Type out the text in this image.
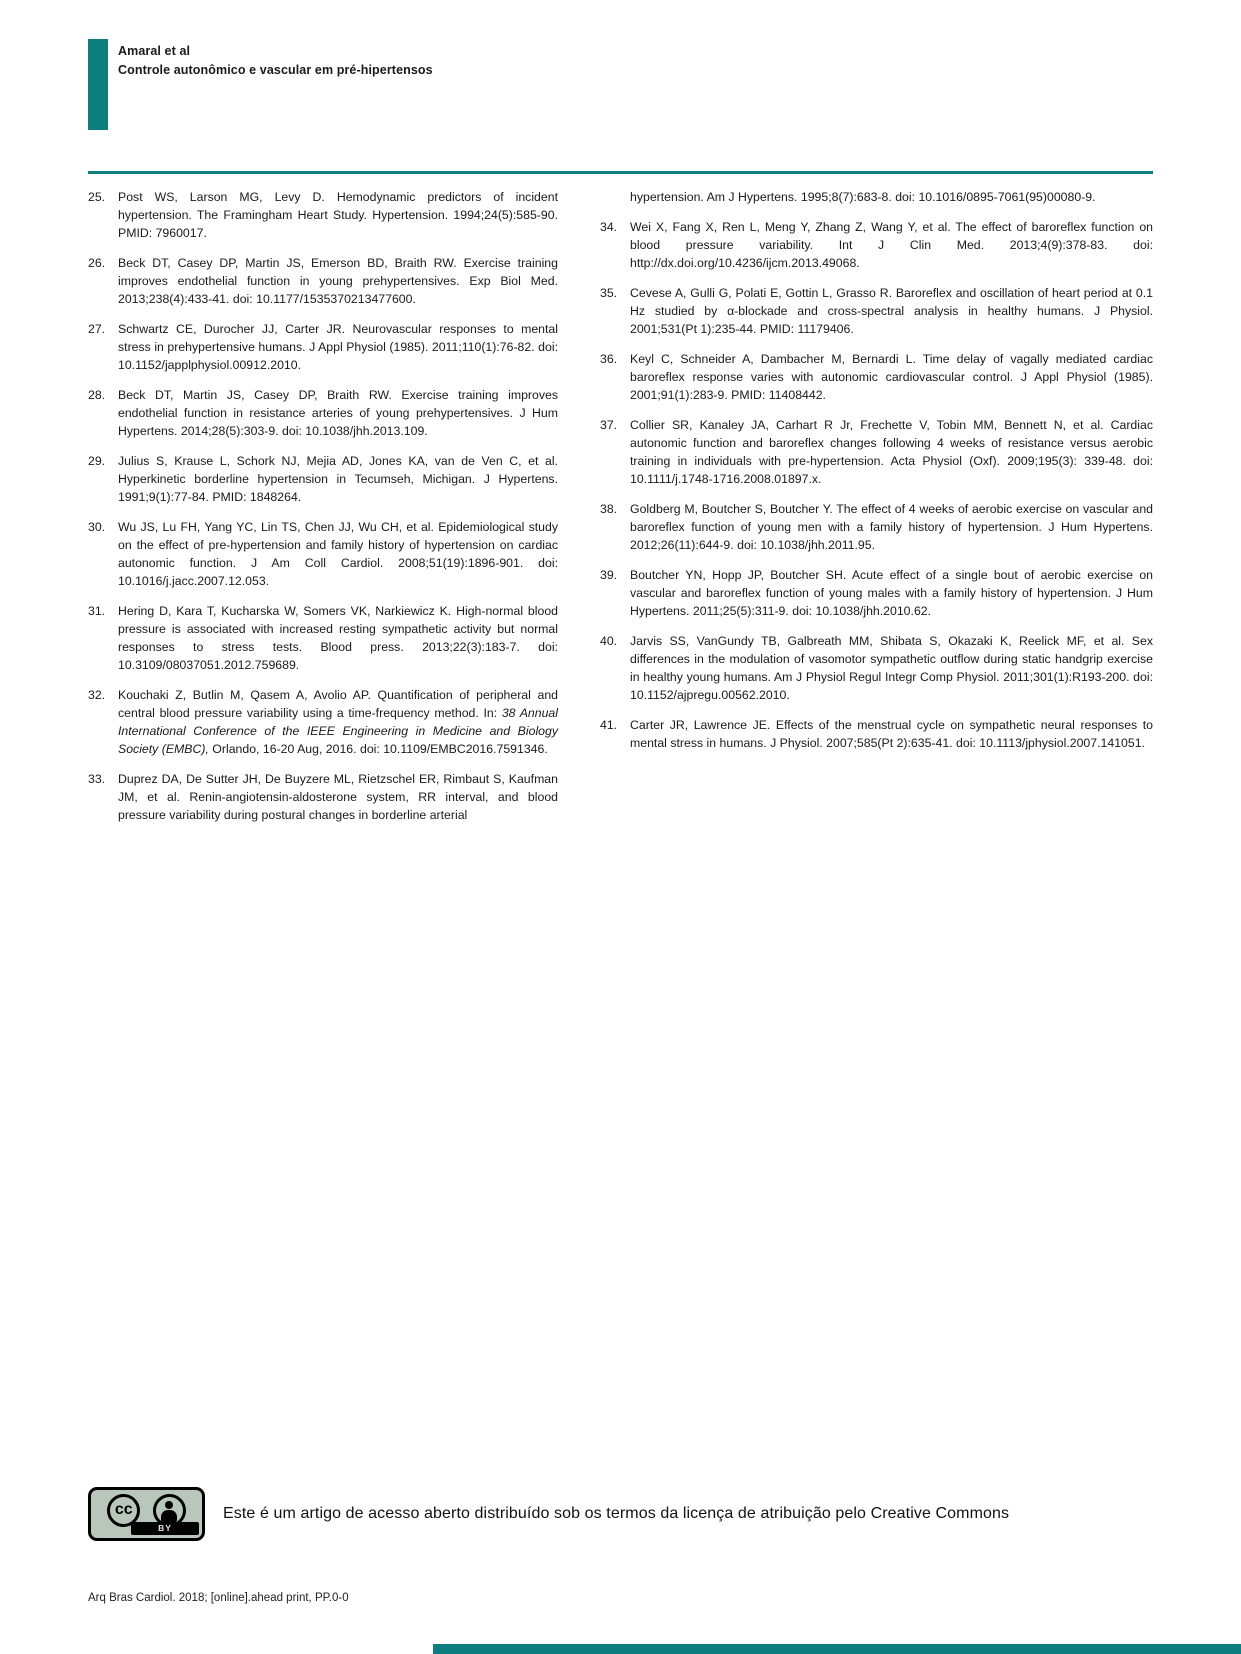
Amaral et al
Controle autonômico e vascular em pré-hipertensos
25.	Post WS, Larson MG, Levy D. Hemodynamic predictors of incident hypertension. The Framingham Heart Study. Hypertension. 1994;24(5):585-90. PMID: 7960017.
26.	Beck DT, Casey DP, Martin JS, Emerson BD, Braith RW. Exercise training improves endothelial function in young prehypertensives. Exp Biol Med. 2013;238(4):433-41. doi: 10.1177/1535370213477600.
27.	Schwartz CE, Durocher JJ, Carter JR. Neurovascular responses to mental stress in prehypertensive humans. J Appl Physiol (1985). 2011;110(1):76-82. doi: 10.1152/japplphysiol.00912.2010.
28.	Beck DT, Martin JS, Casey DP, Braith RW. Exercise training improves endothelial function in resistance arteries of young prehypertensives. J Hum Hypertens. 2014;28(5):303-9. doi: 10.1038/jhh.2013.109.
29.	Julius S, Krause L, Schork NJ, Mejia AD, Jones KA, van de Ven C, et al. Hyperkinetic borderline hypertension in Tecumseh, Michigan. J Hypertens. 1991;9(1):77-84. PMID: 1848264.
30.	Wu JS, Lu FH, Yang YC, Lin TS, Chen JJ, Wu CH, et al. Epidemiological study on the effect of pre-hypertension and family history of hypertension on cardiac autonomic function. J Am Coll Cardiol. 2008;51(19):1896-901. doi: 10.1016/j.jacc.2007.12.053.
31.	Hering D, Kara T, Kucharska W, Somers VK, Narkiewicz K. High-normal blood pressure is associated with increased resting sympathetic activity but normal responses to stress tests. Blood press. 2013;22(3):183-7. doi: 10.3109/08037051.2012.759689.
32.	Kouchaki Z, Butlin M, Qasem A, Avolio AP. Quantification of peripheral and central blood pressure variability using a time-frequency method. In: 38 Annual International Conference of the IEEE Engineering in Medicine and Biology Society (EMBC), Orlando, 16-20 Aug, 2016. doi: 10.1109/EMBC2016.7591346.
33.	Duprez DA, De Sutter JH, De Buyzere ML, Rietzschel ER, Rimbaut S, Kaufman JM, et al. Renin-angiotensin-aldosterone system, RR interval, and blood pressure variability during postural changes in borderline arterial
hypertension. Am J Hypertens. 1995;8(7):683-8. doi: 10.1016/0895-7061(95)00080-9.
34.	Wei X, Fang X, Ren L, Meng Y, Zhang Z, Wang Y, et al. The effect of baroreflex function on blood pressure variability. Int J Clin Med. 2013;4(9):378-83. doi: http://dx.doi.org/10.4236/ijcm.2013.49068.
35.	Cevese A, Gulli G, Polati E, Gottin L, Grasso R. Baroreflex and oscillation of heart period at 0.1 Hz studied by α-blockade and cross-spectral analysis in healthy humans. J Physiol. 2001;531(Pt 1):235-44. PMID: 11179406.
36.	Keyl C, Schneider A, Dambacher M, Bernardi L. Time delay of vagally mediated cardiac baroreflex response varies with autonomic cardiovascular control. J Appl Physiol (1985). 2001;91(1):283-9. PMID: 11408442.
37.	Collier SR, Kanaley JA, Carhart R Jr, Frechette V, Tobin MM, Bennett N, et al. Cardiac autonomic function and baroreflex changes following 4 weeks of resistance versus aerobic training in individuals with pre-hypertension. Acta Physiol (Oxf). 2009;195(3): 339-48. doi: 10.1111/j.1748-1716.2008.01897.x.
38.	Goldberg M, Boutcher S, Boutcher Y. The effect of 4 weeks of aerobic exercise on vascular and baroreflex function of young men with a family history of hypertension. J Hum Hypertens. 2012;26(11):644-9. doi: 10.1038/jhh.2011.95.
39.	Boutcher YN, Hopp JP, Boutcher SH. Acute effect of a single bout of aerobic exercise on vascular and baroreflex function of young males with a family history of hypertension. J Hum Hypertens. 2011;25(5):311-9. doi: 10.1038/jhh.2010.62.
40.	Jarvis SS, VanGundy TB, Galbreath MM, Shibata S, Okazaki K, Reelick MF, et al. Sex differences in the modulation of vasomotor sympathetic outflow during static handgrip exercise in healthy young humans. Am J Physiol Regul Integr Comp Physiol. 2011;301(1):R193-200. doi: 10.1152/ajpregu.00562.2010.
41.	Carter JR, Lawrence JE. Effects of the menstrual cycle on sympathetic neural responses to mental stress in humans. J Physiol. 2007;585(Pt 2):635-41. doi: 10.1113/jphysiol.2007.141051.
cc
BY
Este é um artigo de acesso aberto distribuído sob os termos da licença de atribuição pelo Creative Commons
Arq Bras Cardiol. 2018; [online].ahead print, PP.0-0
